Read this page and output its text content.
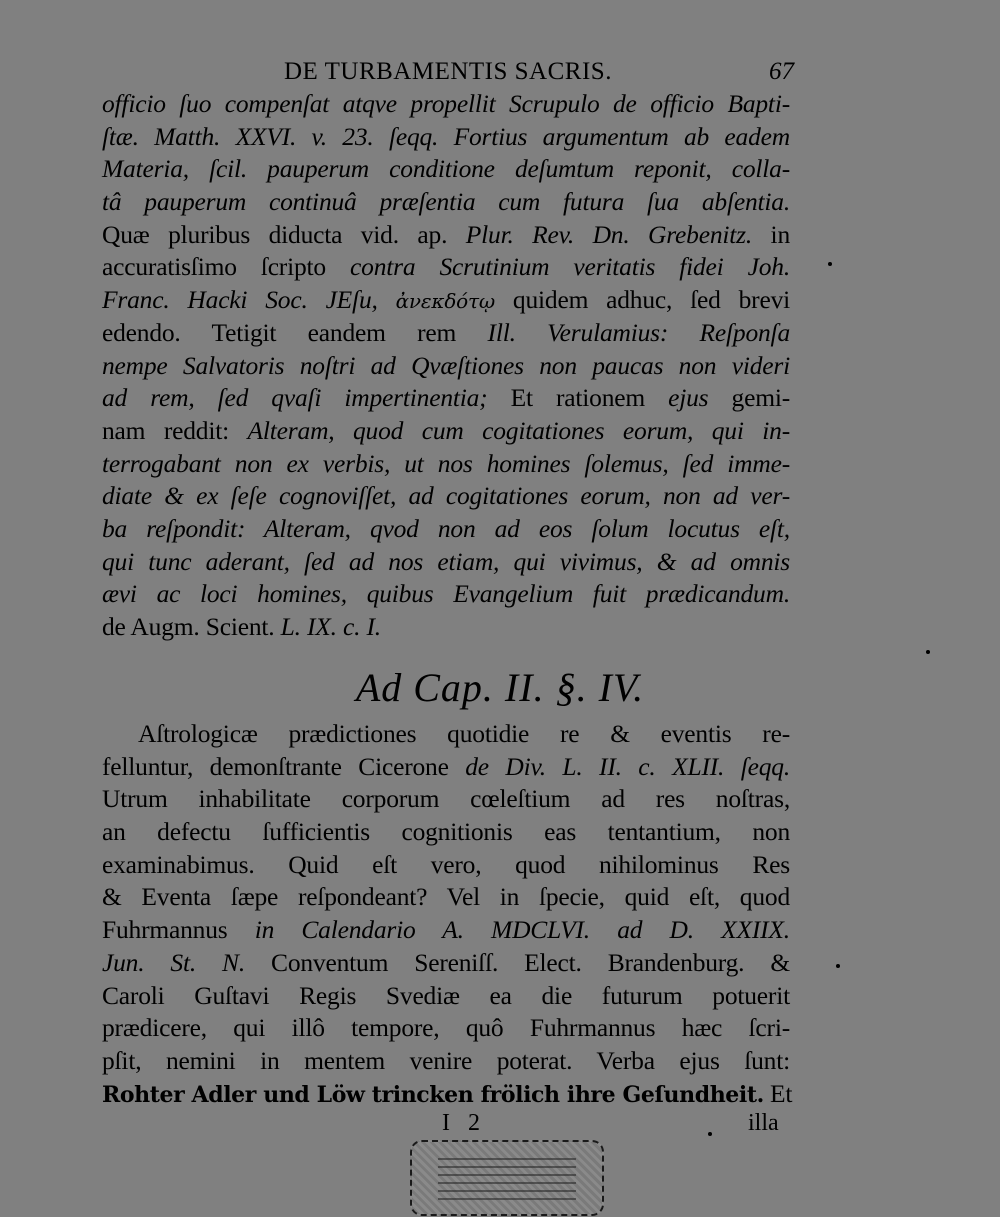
DE TURBAMENTIS SACRIS.	67
officio ſuo compenſat atqve propellit Scrupulo de officio Bapti-
ſtæ. Matth. XXVI. v. 23. ſeqq. Fortius argumentum ab eadem
Materia, ſcil. pauperum conditione deſumtum reponit, colla-
tâ pauperum continuâ præſentia cum futura ſua abſentia.
Quæ pluribus diducta vid. ap. Plur. Rev. Dn. Grebenitz. in
accuratisſimo ſcripto contra Scrutinium veritatis fidei Joh.
Franc. Hacki Soc. JEſu, ἀνεκδότῳ quidem adhuc, ſed brevi
edendo. Tetigit eandem rem Ill. Verulamius: Reſponſa
nempe Salvatoris noſtri ad Qvæſtiones non paucas non videri
ad rem, ſed qvaſi impertinentia; Et rationem ejus gemi-
nam reddit: Alteram, quod cum cogitationes eorum, qui in-
terrogabant non ex verbis, ut nos homines ſolemus, ſed imme-
diate & ex ſeſe cognoviſſet, ad cogitationes eorum, non ad ver-
ba reſpondit: Alteram, qvod non ad eos ſolum locutus eſt,
qui tunc aderant, ſed ad nos etiam, qui vivimus, & ad omnis
ævi ac loci homines, quibus Evangelium fuit prædicandum.
de Augm. Scient. L. IX. c. I.
Ad Cap. II. §. IV.
Aſtrologicæ prædictiones quotidie re & eventis re-
felluntur, demonſtrante Cicerone de Div. L. II. c. XLII. ſeqq.
Utrum inhabilitate corporum cœleſtium ad res noſtras,
an defectu ſufficientis cognitionis eas tentantium, non
examinabimus. Quid eſt vero, quod nihilominus Res
& Eventa ſæpe reſpondeant? Vel in ſpecie, quid eſt, quod
Fuhrmannus in Calendario A. MDCLVI. ad D. XXIIX.
Jun. St. N. Conventum Sereniſſ. Elect. Brandenburg. &
Caroli Guſtavi Regis Svediæ ea die futurum potuerit
prædicere, qui illô tempore, quô Fuhrmannus hæc ſcri-
pſit, nemini in mentem venire poterat. Verba ejus ſunt:
Rohter Adler und Löw trincken frölich ihre Geſundheit. Et
I 2	illa
